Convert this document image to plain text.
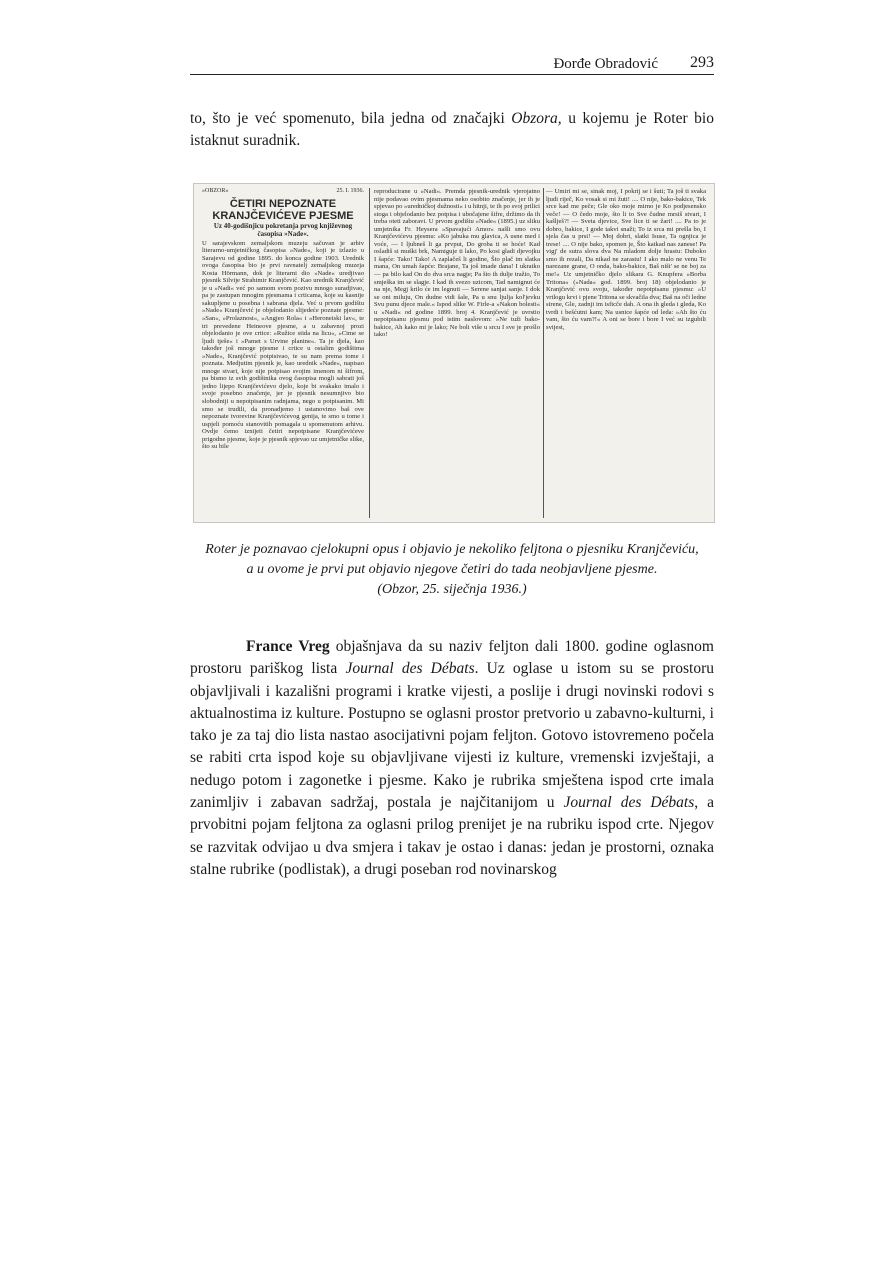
Đorđe Obradović 293
to, što je već spomenuto, bila jedna od značajki Obzora, u kojemu je Roter bio istaknut suradnik.
»OBZOR«	25. I. 1936.
ČETIRI NEPOZNATE KRANJČEVIĆEVE PJESME
Uz 40-godišnjicu pokretanja prvog književnog časopisa »Nade«.

U sarajevskom zemaljskom muzeju sačuvan je arhiv literarno-umjetničkog časopisa »Nade«, koji je izlazio u Sarajevu od godine 1895. do konca godine 1903. Urednik ovoga časopisa bio je prvi ravnatelj zemaljskog muzeja Kosta Hörmann, dok je literarni dio »Nade« uredjivao pjesnik Silvije Strahimir Kranjčević. Kao urednik Kranjčević je u »Nadi« već po samom svom pozivu mnogo suradjivao, pa je zastupan mnogim pjesmama i crticama, koje su kasnije sakupljene u posebna i sabrana djela. Već u prvom godištu »Nade« Kranjčević je objelodanio slijedeće poznate pjesme: »San«, »Prolaznost«, »Angjeo Rola« i »Heroneiski lav«, te tri prevedene Heineove pjesme, a u zabavnoj prozi objelodanio je ove crtice: »Ružice stida na licu«, »Cime se ljudi tješe« i »Pamet s Urvine planine«. Ta je djela, kao također još mnoge pjesme i crtice u ostalim godištima »Nade«, Kranjčević potpisivao, te su nam prema tome i poznata. Medjutim pjesnik je, kao urednik »Nade«, napisao mnoge stvari, koje nije potpisao svojim imenom ni šifrom, pa bismo iz svih godištnika ovog časopisa mogli sabrati još jedno lijepo Kranjčevićevo djelo, koje bi svakako imalo i svoje posebno značenje, jer je pjesnik nesumnjivo bio slobodniji u nepotpisanim radnjama, nego u potpisanim. Mi smo se trudili, da pronadjemo i ustanovimo baš ove nepoznate tvorevine Kranjčevićevog genija, te smo u tome i uspjeli pomoću stanovitih pomagala u spomenutom arhivu. Ovdje ćemo iznijeti četiri nepotpisane Kranjčevićeve prigodne pjesme, koje je pjesnik spjevao uz umjetničke slike, što su bile

reproducirane u »Nadi«. Premda pjesnik-urednik vjerojatno nije podavao ovim pjesmama neko osobito značenje, jer ih je spjevao po »uredničkoj dužnosti« i u hitnji, te ih po svoj prilici stoga i objelodanio bez potpisa i ubočajene šifre, držimo da ih treba oteti zaboravi. U prvom godištu »Nade« (1895.) uz sliku umjetnika Fr. Heysera »Spavajući Amor« našli smo ovu Kranjčevićevu pjesmu: »Ko jabuka mu glavica, A usne med i voće, — I ljubneš li ga prvput, Do groba ti se hoće! Kad osladiš si muški brk, Namiguje ti lako, Po kosi gladi djevojku I šapće: Tako! Tako! A zaplačeš li godine, Što plač im slatka mana, On umah šapće: Brajane, Ta još imade dana! I ukratko — pa bilo kad On do dva srca nagje; Pa što ih dulje tražio, To smješka im se slagje. I kad ih svezo uzicom, Tad namignut će na nje, Megj krilo će im legnuti — Serene sanjat sanje. I dok se oni miluju, On dudne vidi šale, Pa u snu ljulja kol'jevku Svu punu djece male.« Ispod slike W. Firle-a »Nakon bolesti« u »Nadi« od godine 1899. broj 4. Kranjčević je uvrstio nepotpisanu pjesmu pod istim naslovom: »Ne tuži bako-bakice, Ah kako mi je lako; Ne boli više u srcu I sve je prošlo tako!

— Umiri mi se, sinak moj, I pokrij se i šuti; Ta još ti svaka ljudi riječ, Ko vosak si mi žuti! .... O nije, bako-bakice, Tek srce kad me peče; Gle oko moje mirno je Ko podjesensko veče! — O čedo moje, što li to Sve čudne mrsiš stvari, I kašlješ?! — Sveta djevice, Sve lice ti se žari! .... Pa to je dobro, bakice, I gode takvi snaži; To iz srca mi prešla bo, I sjela čas u prsi! — Moj dobri, slatki Isuse, Ta ognjica je trese! .... O nije bako, spomen je, Što katkad nas zanese! Pa vigj' de sutra slova dva Na mladom dolje hrastu: Duboko smo ih rezali, Da nikad ne zarastu! I ako malo ne venu Te narezane grane, O onda, bako-bakice, Baš ništ' se ne boj za me!« Uz umjetničko djelo slikara G. Knupfera »Borba Tritona« (»Nada« god. 1899. broj 18) objelodanio je Kranjčević ovu svoju, također nepotpisanu pjesmu: »U vrtlogu krvi i pjene Tritona se skvačila dva; Baš na oči ledne sirene, Gle, zadnji im isficče dah. A ona ih gleda i gleda, Ko tvrdi i bešćutni kam; Na usnice šapće od leda: »Ah što ću vam, što ću vam?!« A oni se bore i bore I već su izgubili svijest,

Roter je poznavao cjelokupni opus i objavio je nekoliko feljtona o pjesniku Kranjčeviću,
a u ovome je prvi put objavio njegove četiri do tada neobjavljene pjesme.
(Obzor, 25. siječnja 1936.)
France Vreg objašnjava da su naziv feljton dali 1800. godine oglasnom prostoru pariškog lista Journal des Débats. Uz oglase u istom su se prostoru objavljivali i kazališni programi i kratke vijesti, a poslije i drugi novinski rodovi s aktualnostima iz kulture. Postupno se oglasni prostor pretvorio u zabavno-kulturni, i tako je za taj dio lista nastao asocijativni pojam feljton. Gotovo istovremeno počela se rabiti crta ispod koje su objavljivane vijesti iz kulture, vremenski izvještaji, a nedugo potom i zagonetke i pjesme. Kako je rubrika smještena ispod crte imala zanimljiv i zabavan sadržaj, postala je najčitanijom u Journal des Débats, a prvobitni pojam feljtona za oglasni prilog prenijet je na rubriku ispod crte. Njegov se razvitak odvijao u dva smjera i takav je ostao i danas: jedan je prostorni, oznaka stalne rubrike (podlistak), a drugi poseban rod novinarskog
